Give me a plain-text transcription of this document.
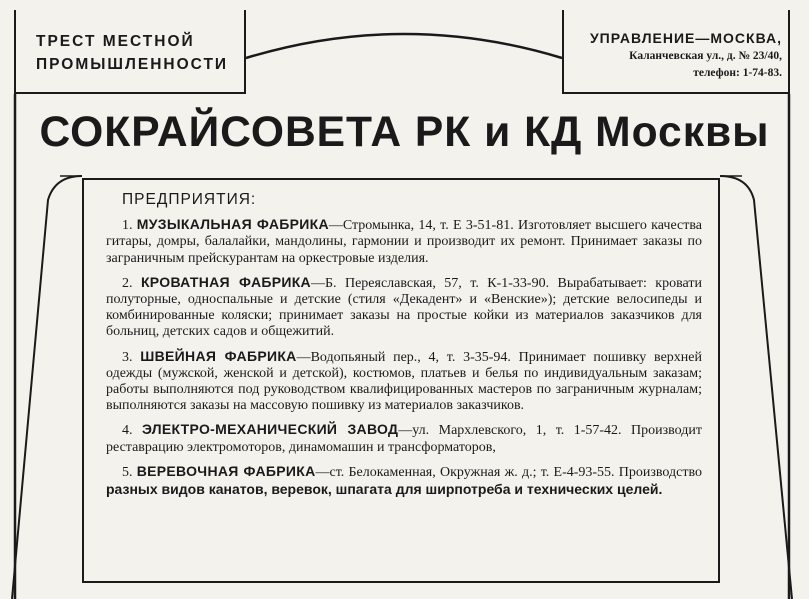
ТРЕСТ МЕСТНОЙ
ПРОМЫШЛЕННОСТИ
УПРАВЛЕНИЕ—МОСКВА,
Каланчевская ул., д. № 23/40,
телефон: 1-74-83.
СОКРАЙСОВЕТА РК и КД Москвы
ПРЕДПРИЯТИЯ:
1. МУЗЫКАЛЬНАЯ ФАБРИКА—Стромынка, 14, т. Е 3-51-81. Изготовляет высшего качества гитары, домры, балалайки, мандолины, гармонии и производит их ремонт. Принимает заказы по заграничным прейскурантам на оркестровые изделия.
2. КРОВАТНАЯ ФАБРИКА—Б. Переяславская, 57, т. К-1-33-90. Вырабатывает: кровати полуторные, односпальные и детские (стиля «Декадент» и «Венские»); детские велосипеды и комбинированные коляски; принимает заказы на простые койки из материалов заказчиков для больниц, детских садов и общежитий.
3. ШВЕЙНАЯ ФАБРИКА—Водопьяный пер., 4, т. 3-35-94. Принимает пошивку верхней одежды (мужской, женской и детской), костюмов, платьев и белья по индивидуальным заказам; работы выполняются под руководством квалифицированных мастеров по заграничным журналам; выполняются заказы на массовую пошивку из материалов заказчиков.
4. ЭЛЕКТРО-МЕХАНИЧЕСКИЙ ЗАВОД—ул. Мархлевского, 1, т. 1-57-42. Производит реставрацию электромоторов, динамомашин и трансформаторов,
5. ВЕРЕВОЧНАЯ ФАБРИКА—ст. Белокаменная, Окружная ж. д.; т. Е-4-93-55. Производство разных видов канатов, веревок, шпагата для ширпотреба и технических целей.
